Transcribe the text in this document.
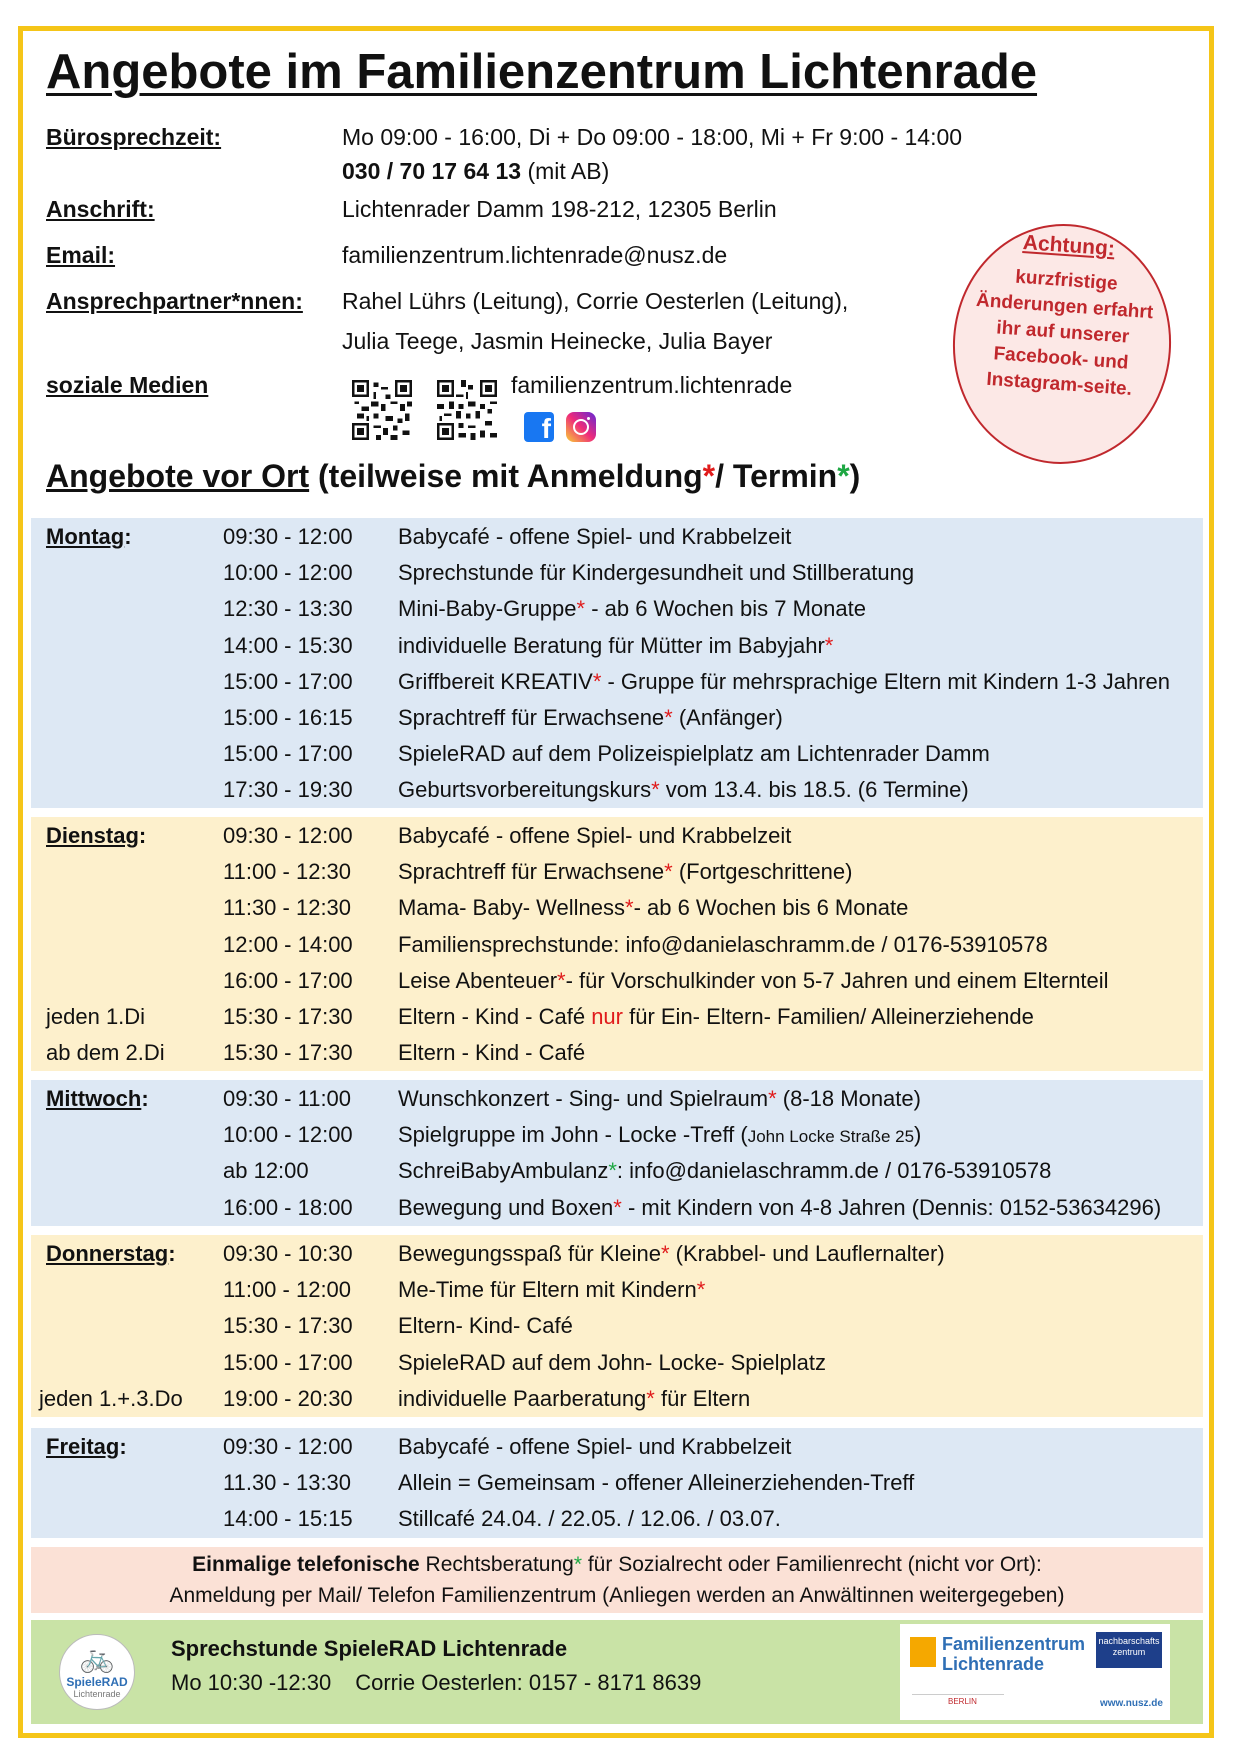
Angebote im Familienzentrum Lichtenrade
Bürosprechzeit:	Mo 09:00 - 16:00, Di + Do 09:00 - 18:00, Mi + Fr 9:00 - 14:00
030 / 70 17 64 13 (mit AB)
Anschrift:	Lichtenrader Damm 198-212, 12305 Berlin
Email:	familienzentrum.lichtenrade@nusz.de
Ansprechpartner*nnen: Rahel Lührs (Leitung), Corrie Oesterlen (Leitung),
Julia Teege, Jasmin Heinecke, Julia Bayer
soziale Medien	familienzentrum.lichtenrade
f
Achtung:
kurzfristige Änderungen erfahrt ihr auf unserer Facebook- und Instagram-seite.
Angebote vor Ort (teilweise mit Anmeldung*/ Termin*)
Montag:	09:30 - 12:00 Babycafé - offene Spiel- und Krabbelzeit
10:00 - 12:00 Sprechstunde für Kindergesundheit und Stillberatung
12:30 - 13:30 Mini-Baby-Gruppe* - ab 6 Wochen bis 7 Monate
14:00 - 15:30 individuelle Beratung für Mütter im Babyjahr*
15:00 - 17:00 Griffbereit KREATIV* - Gruppe für mehrsprachige Eltern mit Kindern 1-3 Jahren
15:00 - 16:15 Sprachtreff für Erwachsene* (Anfänger)
15:00 - 17:00 SpieleRAD auf dem Polizeispielplatz am Lichtenrader Damm
17:30 - 19:30 Geburtsvorbereitungskurs* vom 13.4. bis 18.5. (6 Termine)
Dienstag:	09:30 - 12:00 Babycafé - offene Spiel- und Krabbelzeit
11:00 - 12:30 Sprachtreff für Erwachsene* (Fortgeschrittene)
11:30 - 12:30 Mama- Baby- Wellness*- ab 6 Wochen bis 6 Monate
12:00 - 14:00 Familiensprechstunde: info@danielaschramm.de / 0176-53910578
16:00 - 17:00 Leise Abenteuer*- für Vorschulkinder von 5-7 Jahren und einem Elternteil
jeden 1.Di	15:30 - 17:30 Eltern - Kind - Café nur für Ein- Eltern- Familien/ Alleinerziehende
ab dem 2.Di	15:30 - 17:30 Eltern - Kind - Café
Mittwoch:	09:30 - 11:00 Wunschkonzert - Sing- und Spielraum* (8-18 Monate)
10:00 - 12:00 Spielgruppe im John - Locke -Treff (John Locke Straße 25)
ab 12:00	SchreiBabyAmbulanz*: info@danielaschramm.de / 0176-53910578
16:00 - 18:00 Bewegung und Boxen* - mit Kindern von 4-8 Jahren (Dennis: 0152-53634296)
Donnerstag: 09:30 - 10:30 Bewegungsspaß für Kleine* (Krabbel- und Lauflernalter)
11:00 - 12:00 Me-Time für Eltern mit Kindern*
15:30 - 17:30 Eltern- Kind- Café
15:00 - 17:00 SpieleRAD auf dem John- Locke- Spielplatz
jeden 1.+.3.Do 19:00 - 20:30 individuelle Paarberatung* für Eltern
Freitag:	09:30 - 12:00 Babycafé - offene Spiel- und Krabbelzeit
11.30 - 13:30 Allein = Gemeinsam - offener Alleinerziehenden-Treff
14:00 - 15:15 Stillcafé 24.04. / 22.05. / 12.06. / 03.07.
Einmalige telefonische Rechtsberatung* für Sozialrecht oder Familienrecht (nicht vor Ort):
Anmeldung per Mail/ Telefon Familienzentrum (Anliegen werden an Anwältinnen weitergegeben)
🚲
SpieleRAD
Lichtenrade
Sprechstunde SpieleRAD Lichtenrade
Mo 10:30 -12:30 Corrie Oesterlen: 0157 - 8171 8639
Familienzentrum
Lichtenrade
nachbarschafts
zentrum
BERLIN	www.nusz.de
